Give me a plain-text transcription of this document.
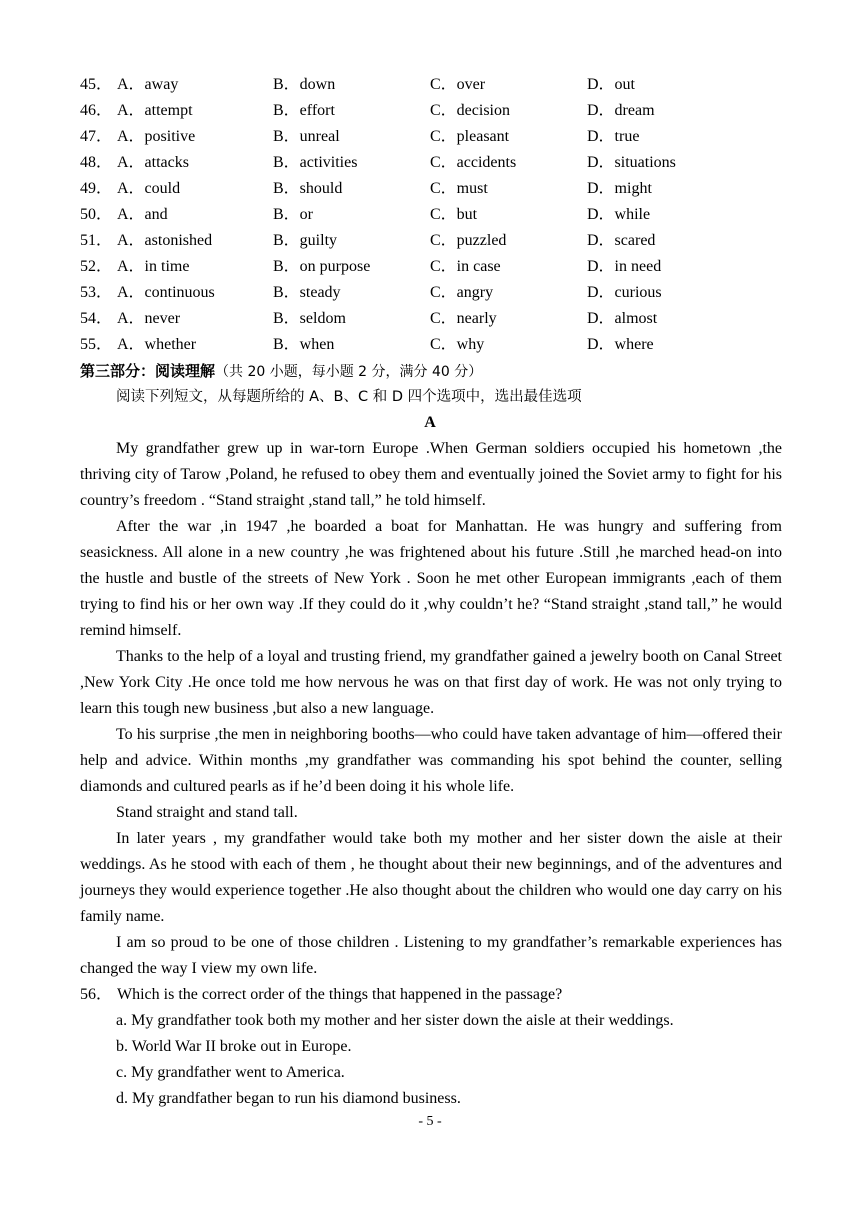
45． A．away	B．down	C．over	D．out
46． A．attempt	B．effort	C．decision	D．dream
47． A．positive	B．unreal	C．pleasant	D．true
48． A．attacks	B．activities	C．accidents	D．situations
49． A．could	B．should	C．must	D．might
50． A．and	B．or	C．but	D．while
51． A．astonished	B．guilty	C．puzzled	D．scared
52． A．in time	B．on purpose	C．in case	D．in need
53． A．continuous	B．steady	C．angry	D．curious
54． A．never	B．seldom	C．nearly	D．almost
55． A．whether	B．when	C．why	D．where
第三部分：阅读理解（共 20 小题，每小题 2 分，满分 40 分）
阅读下列短文，从每题所给的 A、B、C 和 D 四个选项中，选出最佳选项
A

My grandfather grew up in war-torn Europe .When German soldiers occupied his hometown ,the thriving city of Tarow ,Poland, he refused to obey them and eventually joined the Soviet army to fight for his country’s freedom . “Stand straight ,stand tall,” he told himself.

After the war ,in 1947 ,he boarded a boat for Manhattan. He was hungry and suffering from seasickness. All alone in a new country ,he was frightened about his future .Still ,he marched head-on into the hustle and bustle of the streets of New York . Soon he met other European immigrants ,each of them trying to find his or her own way .If they could do it ,why couldn’t he? “Stand straight ,stand tall,” he would remind himself.

Thanks to the help of a loyal and trusting friend, my grandfather gained a jewelry booth on Canal Street ,New York City .He once told me how nervous he was on that first day of work. He was not only trying to learn this tough new business ,but also a new language.

To his surprise ,the men in neighboring booths—who could have taken advantage of him—offered their help and advice. Within months ,my grandfather was commanding his spot behind the counter, selling diamonds and cultured pearls as if he’d been doing it his whole life.

Stand straight and stand tall.

In later years , my grandfather would take both my mother and her sister down the aisle at their weddings. As he stood with each of them , he thought about their new beginnings, and of the adventures and journeys they would experience together .He also thought about the children who would one day carry on his family name.

I am so proud to be one of those children . Listening to my grandfather’s remarkable experiences has changed the way I view my own life.

56． Which is the correct order of the things that happened in the passage?
a. My grandfather took both my mother and her sister down the aisle at their weddings.
b. World War II broke out in Europe.
c. My grandfather went to America.
d. My grandfather began to run his diamond business.
- 5 -
